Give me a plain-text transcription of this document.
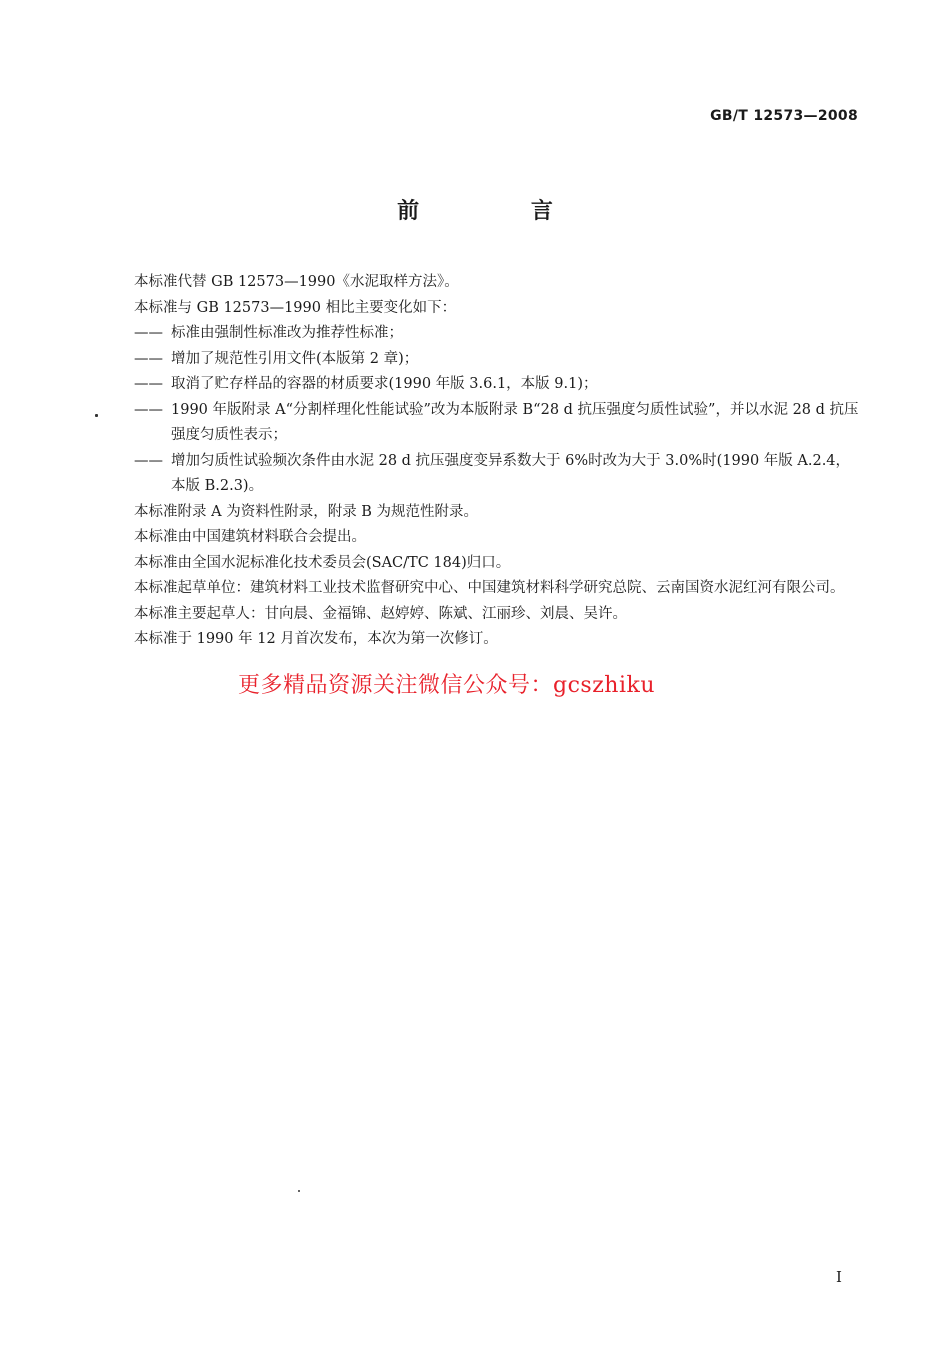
GB/T 12573—2008
前 言

本标准代替 GB 12573—1990《水泥取样方法》。

本标准与 GB 12573—1990 相比主要变化如下：

—— 标准由强制性标准改为推荐性标准；
—— 增加了规范性引用文件(本版第 2 章)；
—— 取消了贮存样品的容器的材质要求(1990 年版 3.6.1，本版 9.1)；
—— 1990 年版附录 A“分割样理化性能试验”改为本版附录 B“28 d 抗压强度匀质性试验”，并以水泥 28 d 抗压强度匀质性表示；
—— 增加匀质性试验频次条件由水泥 28 d 抗压强度变异系数大于 6%时改为大于 3.0%时(1990 年版 A.2.4，本版 B.2.3)。

本标准附录 A 为资料性附录，附录 B 为规范性附录。

本标准由中国建筑材料联合会提出。

本标准由全国水泥标准化技术委员会(SAC/TC 184)归口。

本标准起草单位：建筑材料工业技术监督研究中心、中国建筑材料科学研究总院、云南国资水泥红河有限公司。

本标准主要起草人：甘向晨、金福锦、赵婷婷、陈斌、江丽珍、刘晨、吴许。

本标准于 1990 年 12 月首次发布，本次为第一次修订。

更多精品资源关注微信公众号：gcszhiku
I
